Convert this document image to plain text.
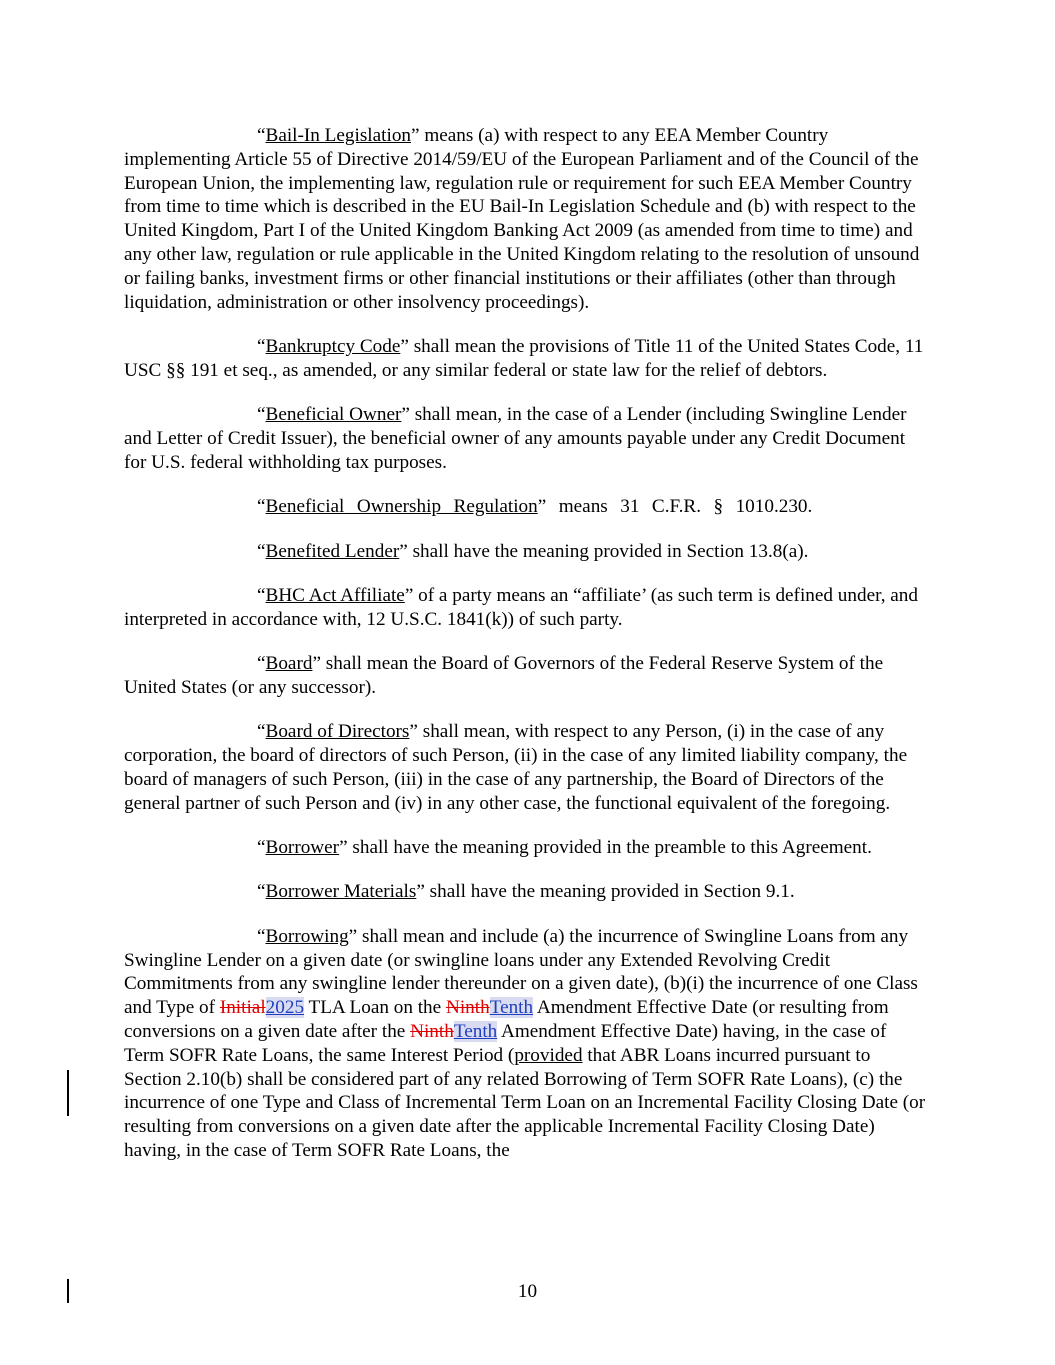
“Bail-In Legislation” means (a) with respect to any EEA Member Country implementing Article 55 of Directive 2014/59/EU of the European Parliament and of the Council of the European Union, the implementing law, regulation rule or requirement for such EEA Member Country from time to time which is described in the EU Bail-In Legislation Schedule and (b) with respect to the United Kingdom, Part I of the United Kingdom Banking Act 2009 (as amended from time to time) and any other law, regulation or rule applicable in the United Kingdom relating to the resolution of unsound or failing banks, investment firms or other financial institutions or their affiliates (other than through liquidation, administration or other insolvency proceedings).

“Bankruptcy Code” shall mean the provisions of Title 11 of the United States Code, 11 USC §§ 191 et seq., as amended, or any similar federal or state law for the relief of debtors.

“Beneficial Owner” shall mean, in the case of a Lender (including Swingline Lender and Letter of Credit Issuer), the beneficial owner of any amounts payable under any Credit Document for U.S. federal withholding tax purposes.

“Beneficial Ownership Regulation” means 31 C.F.R. § 1010.230.

“Benefited Lender” shall have the meaning provided in Section 13.8(a).

“BHC Act Affiliate” of a party means an “affiliate’ (as such term is defined under, and interpreted in accordance with, 12 U.S.C. 1841(k)) of such party.

“Board” shall mean the Board of Governors of the Federal Reserve System of the United States (or any successor).

“Board of Directors” shall mean, with respect to any Person, (i) in the case of any corporation, the board of directors of such Person, (ii) in the case of any limited liability company, the board of managers of such Person, (iii) in the case of any partnership, the Board of Directors of the general partner of such Person and (iv) in any other case, the functional equivalent of the foregoing.

“Borrower” shall have the meaning provided in the preamble to this Agreement.

“Borrower Materials” shall have the meaning provided in Section 9.1.

“Borrowing” shall mean and include (a) the incurrence of Swingline Loans from any Swingline Lender on a given date (or swingline loans under any Extended Revolving Credit Commitments from any swingline lender thereunder on a given date), (b)(i) the incurrence of one Class and Type of Initial2025 TLA Loan on the NinthTenth Amendment Effective Date (or resulting from conversions on a given date after the NinthTenth Amendment Effective Date) having, in the case of Term SOFR Rate Loans, the same Interest Period (provided that ABR Loans incurred pursuant to Section 2.10(b) shall be considered part of any related Borrowing of Term SOFR Rate Loans), (c) the incurrence of one Type and Class of Incremental Term Loan on an Incremental Facility Closing Date (or resulting from conversions on a given date after the applicable Incremental Facility Closing Date) having, in the case of Term SOFR Rate Loans, the

10
